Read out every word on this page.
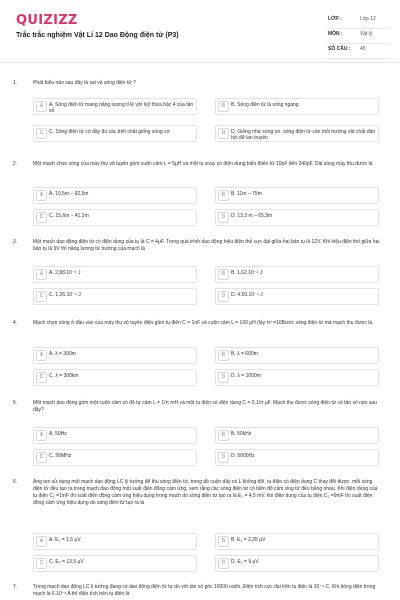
QUIZIZZ
Trắc trắc nghiệm Vật Lí 12 Dao Động điện từ (P3)
LỚP :	Lớp 12
MÔN :	Vật lý
SỐ CÂU : 45
1.	Phát biểu nào sau đây là sai về sóng điện từ ?
A	A. Sóng điện từ mang năng lượng tỉ lệ với luỹ thừa bậc 4 của tần số
B	B. Sóng điện từ là sóng ngang
C	C. Sóng điện từ có đầy đủ các tính chất giống sóng cơ	D	D. Giống như sóng cơ, sóng điện từ cần môi trường vật chất đàn hồi để lan truyền
2.	Một mạch chọn sóng của máy thu vô tuyến gồm cuộn cảm L = 5μH và một tụ xoay có điện dung biến thiên từ 10pF đến 240pF. Dải sóng máy thu được là
A	A. 10,5m – 92,5m	B	B. 11m – 75m
C	C. 15,6m – 41,2m	D	D. 13,3 m – 65,3m
3.	Một mạch dao động điện từ có điện dung của tụ là C = 4μF. Trong quá trình dao động hiệu điện thế cực đại giữa hai bản tụ là 12V. Khi hiệu điện thế giữa hai bản tụ là 9V thì năng lượng từ trường của mạch là
A	A. 2,88.10⁻⁴ J	B	B. 1,62.10⁻⁴ J
C	C. 1,26.10⁻⁴ J	D	D. 4.50.10⁻⁴ J
4.	Mạch chọn sóng ở đầu vào của máy thu vô tuyến điện gồm tụ điện C = 1nF và cuộn cảm L = 100 μH (lấy π² =10Bước sóng điện từ mà mạch thu được là.
A	A. λ = 300m	B	B. λ = 600m
C	C. λ = 300km	D	D. λ = 1000m
5.	Một mạch dao động gồm một cuộn cảm có độ tự cảm L = 1/π mH và một tụ điện có điện dung C = 0,1/π μF. Mạch thu được sóng điện từ có tần số nào sau đây?
A	A. 50Hz	B	B. 50kHz
C	C. 50MHz	D	D. 5000Hz
6.	Ang ten sử dụng một mạch dao động LC lý tưởng để thu sóng điện từ, trong đó cuộn dây có L không đổi, tụ điện có điện dung C thay đổi được. mỗi sóng điện từ đều tạo ra trong mạch dao động một suất điện động cảm ứng. xem rằng các sóng điện từ có biên độ cảm ứng từ đều bằng nhau. Khi điện dung của tụ điện C₁ =1mF thì suất điện động cảm ứng hiệu dụng trong mạch do sóng điện từ tạo ra là E₁ = 4,5 mV. khi điện dung của tụ điện C₂ =9mF thì suất điện động cảm ứng hiệu dụng do sóng điện từ tạo ra là
A	A. E₂ = 1,5 μV	B	B. E₂ = 2,25 μV
C	C. E₂ = 13,5 μV	D	D. E₂ = 9 μV
7.	Trong mạch dao động LC lí tưởng đang có dao động điện từ tự do với tần số góc 10000 rad/s. Điện tích cực đại trên tụ điện là 10⁻⁹ C. Khi dòng điện trong mạch là 6.10⁻⁶ A thì điện tích trên tụ điện là
